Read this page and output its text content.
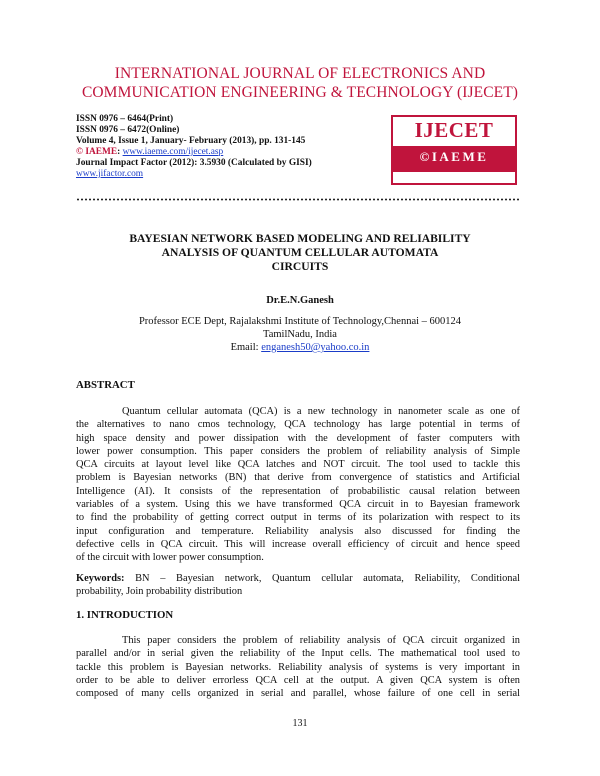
INTERNATIONAL JOURNAL OF ELECTRONICS AND
COMMUNICATION ENGINEERING & TECHNOLOGY (IJECET)
ISSN 0976 – 6464(Print)
ISSN 0976 – 6472(Online)
Volume 4, Issue 1, January- February (2013), pp. 131-145
© IAEME: www.iaeme.com/ijecet.asp
Journal Impact Factor (2012): 3.5930 (Calculated by GISI)
www.jifactor.com
IJECET
©IAEME
BAYESIAN NETWORK BASED MODELING AND RELIABILITY
ANALYSIS OF QUANTUM CELLULAR AUTOMATA
CIRCUITS
Dr.E.N.Ganesh
Professor ECE Dept, Rajalakshmi Institute of Technology,Chennai – 600124
TamilNadu, India
Email: enganesh50@yahoo.co.in
ABSTRACT
Quantum cellular automata (QCA) is a new technology in nanometer scale as one of
the alternatives to nano cmos technology, QCA technology has large potential in terms of
high space density and power dissipation with the development of faster computers with
lower power consumption. This paper considers the problem of reliability analysis of Simple
QCA circuits at layout level like QCA latches and NOT circuit. The tool used to tackle this
problem is Bayesian networks (BN) that derive from convergence of statistics and Artificial
Intelligence (AI). It consists of the representation of probabilistic causal relation between
variables of a system. Using this we have transformed QCA circuit in to Bayesian framework
to find the probability of getting correct output in terms of its polarization with respect to its
input configuration and temperature. Reliability analysis also discussed for finding the
defective cells in QCA circuit. This will increase overall efficiency of circuit and hence speed
of the circuit with lower power consumption.
Keywords: BN – Bayesian network, Quantum cellular automata, Reliability, Conditional
probability, Join probability distribution
1. INTRODUCTION
This paper considers the problem of reliability analysis of QCA circuit organized in
parallel and/or in serial given the reliability of the Input cells. The mathematical tool used to
tackle this problem is Bayesian networks. Reliability analysis of systems is very important in
order to be able to deliver errorless QCA cell at the output. A given QCA system is often
composed of many cells organized in serial and parallel, whose failure of one cell in serial
131
